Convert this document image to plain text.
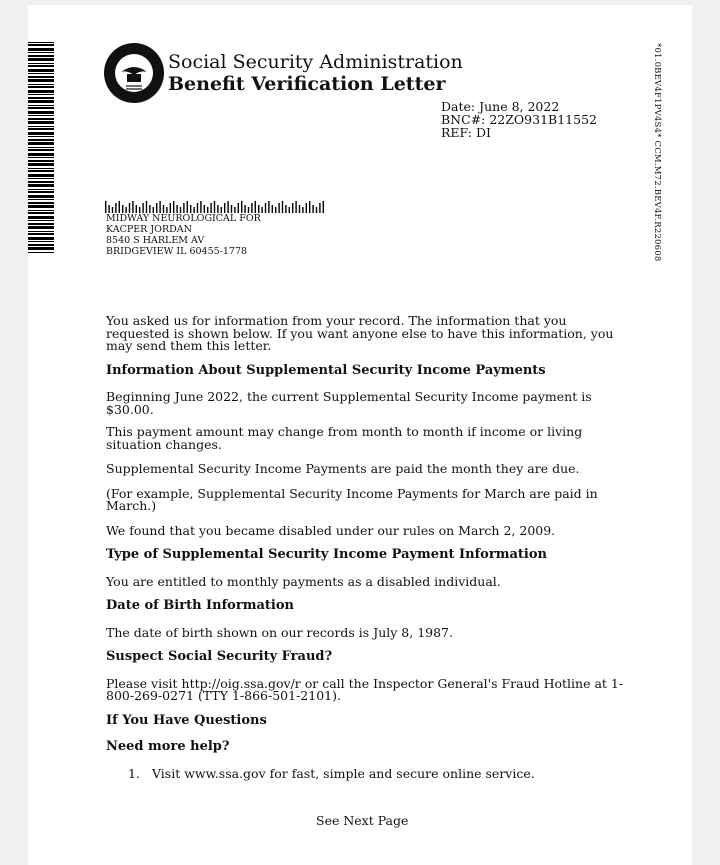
*01.0BEV4F1PV4S4* CCM.M72.BEV4F.R220608
Social Security Administration
Benefit Verification Letter
Date: June 8, 2022
BNC#: 22ZO931B11552
REF: DI
MIDWAY NEUROLOGICAL FOR
KACPER JORDAN
8540 S HARLEM AV
BRIDGEVIEW IL 60455-1778

You asked us for information from your record. The information that you requested is shown below. If you want anyone else to have this information, you may send them this letter.

Information About Supplemental Security Income Payments

Beginning June 2022, the current Supplemental Security Income payment is $30.00.

This payment amount may change from month to month if income or living situation changes.

Supplemental Security Income Payments are paid the month they are due.

(For example, Supplemental Security Income Payments for March are paid in March.)

We found that you became disabled under our rules on March 2, 2009.

Type of Supplemental Security Income Payment Information

You are entitled to monthly payments as a disabled individual.

Date of Birth Information

The date of birth shown on our records is July 8, 1987.

Suspect Social Security Fraud?

Please visit http://oig.ssa.gov/r or call the Inspector General's Fraud Hotline at 1-800-269-0271 (TTY 1-866-501-2101).

If You Have Questions

Need more help?

1. Visit www.ssa.gov for fast, simple and secure online service.

See Next Page
